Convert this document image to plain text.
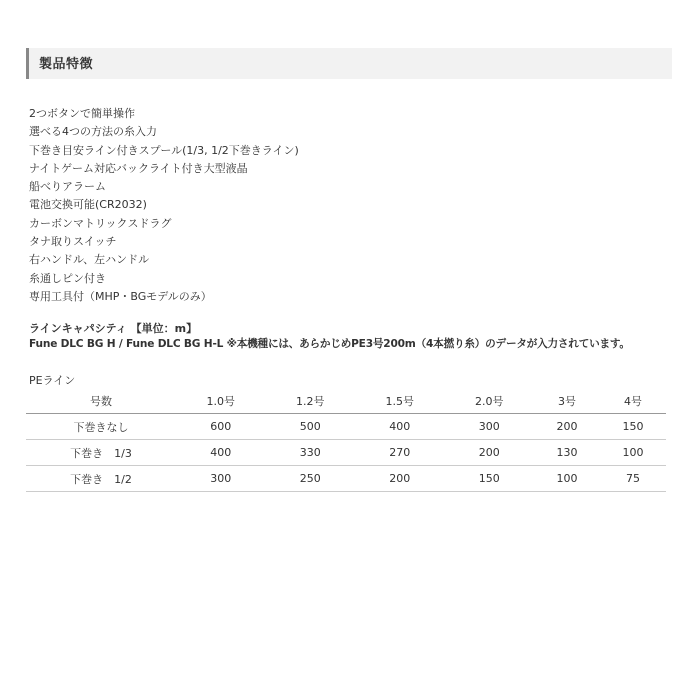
製品特徴
2つボタンで簡単操作
選べる4つの方法の糸入力
下巻き目安ライン付きスプール(1/3, 1/2下巻きライン)
ナイトゲーム対応バックライト付き大型液晶
船べりアラーム
電池交換可能(CR2032)
カーボンマトリックスドラグ
タナ取りスイッチ
右ハンドル、左ハンドル
糸通しピン付き
専用工具付（MHP・BGモデルのみ）
ラインキャパシティ 【単位：m】
Fune DLC BG H / Fune DLC BG H-L ※本機種には、あらかじめPE3号200m（4本撚り糸）のデータが入力されています。
PEライン
号数	1.0号	1.2号	1.5号	2.0号	3号	4号
下巻きなし	600	500	400	300	200	150
下巻き　1/3	400	330	270	200	130	100
下巻き　1/2	300	250	200	150	100	75
